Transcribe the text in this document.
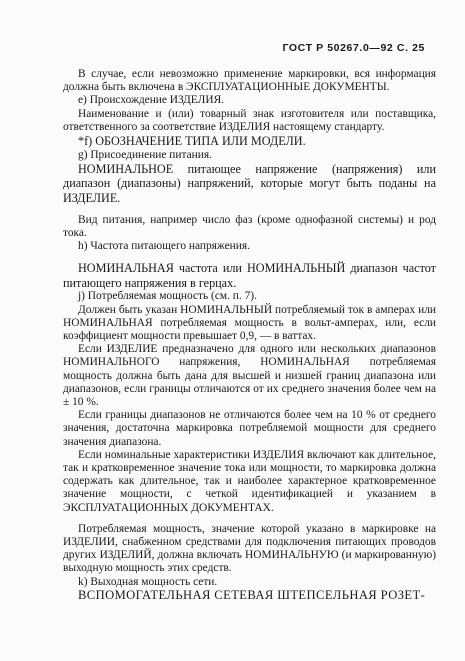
ГОСТ Р 50267.0—92 С. 25

В случае, если невозможно применение маркировки, вся информация должна быть включена в ЭКСПЛУАТАЦИОННЫЕ ДОКУМЕНТЫ.

e) Происхождение ИЗДЕЛИЯ.

Наименование и (или) товарный знак изготовителя или поставщика, ответственного за соответствие ИЗДЕЛИЯ настоящему стандарту.

*f) ОБОЗНАЧЕНИЕ ТИПА ИЛИ МОДЕЛИ.

g) Присоединение питания.

НОМИНАЛЬНОЕ питающее напряжение (напряжения) или диапазон (диапазоны) напряжений, которые могут быть поданы на ИЗДЕЛИЕ.

Вид питания, например число фаз (кроме однофазной системы) и род тока.

h) Частота питающего напряжения.

НОМИНАЛЬНАЯ частота или НОМИНАЛЬНЫЙ диапазон частот питающего напряжения в герцах.

j) Потребляемая мощность (см. п. 7).

Должен быть указан НОМИНАЛЬНЫЙ потребляемый ток в амперах или НОМИНАЛЬНАЯ потребляемая мощность в вольт-амперах, или, если коэффициент мощности превышает 0,9, — в ваттах.

Если ИЗДЕЛИЕ предназначено для одного или нескольких диапазонов НОМИНАЛЬНОГО напряжения, НОМИНАЛЬНАЯ потребляемая мощность должна быть дана для высшей и низшей границ диапазона или диапазонов, если границы отличаются от их среднего значения более чем на ± 10 %.

Если границы диапазонов не отличаются более чем на 10 % от среднего значения, достаточна маркировка потребляемой мощности для среднего значения диапазона.

Если номинальные характеристики ИЗДЕЛИЯ включают как длительное, так и кратковременное значение тока или мощности, то маркировка должна содержать как длительное, так и наиболее характерное кратковременное значение мощности, с четкой идентификацией и указанием в ЭКСПЛУАТАЦИОННЫХ ДОКУМЕНТАХ.

Потребляемая мощность, значение которой указано в маркировке на ИЗДЕЛИИ, снабженном средствами для подключения питающих проводов других ИЗДЕЛИЙ, должна включать НОМИНАЛЬНУЮ (и маркированную) выходную мощность этих средств.

k) Выходная мощность сети.

ВСПОМОГАТЕЛЬНАЯ СЕТЕВАЯ ШТЕПСЕЛЬНАЯ РОЗЕТ-
